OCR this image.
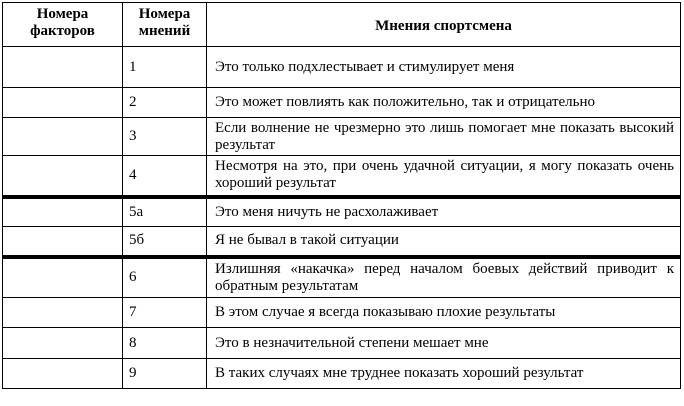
Номера факторов	Номера мнений	Мнения спортсмена
	1	Это только подхлестывает и стимулирует меня
	2	Это может повлиять как положительно, так и отрицательно
	3	Если волнение не чрезмерно это лишь помогает мне показать высокий результат
	4	Несмотря на это, при очень удачной ситуации, я могу показать очень хороший результат
	5а	Это меня ничуть не расхолаживает
	5б	Я не бывал в такой ситуации
	6	Излишняя «накачка» перед началом боевых действий приводит к обратным результатам
	7	В этом случае я всегда показываю плохие результаты
	8	Это в незначительной степени мешает мне
	9	В таких случаях мне труднее показать хороший результат
